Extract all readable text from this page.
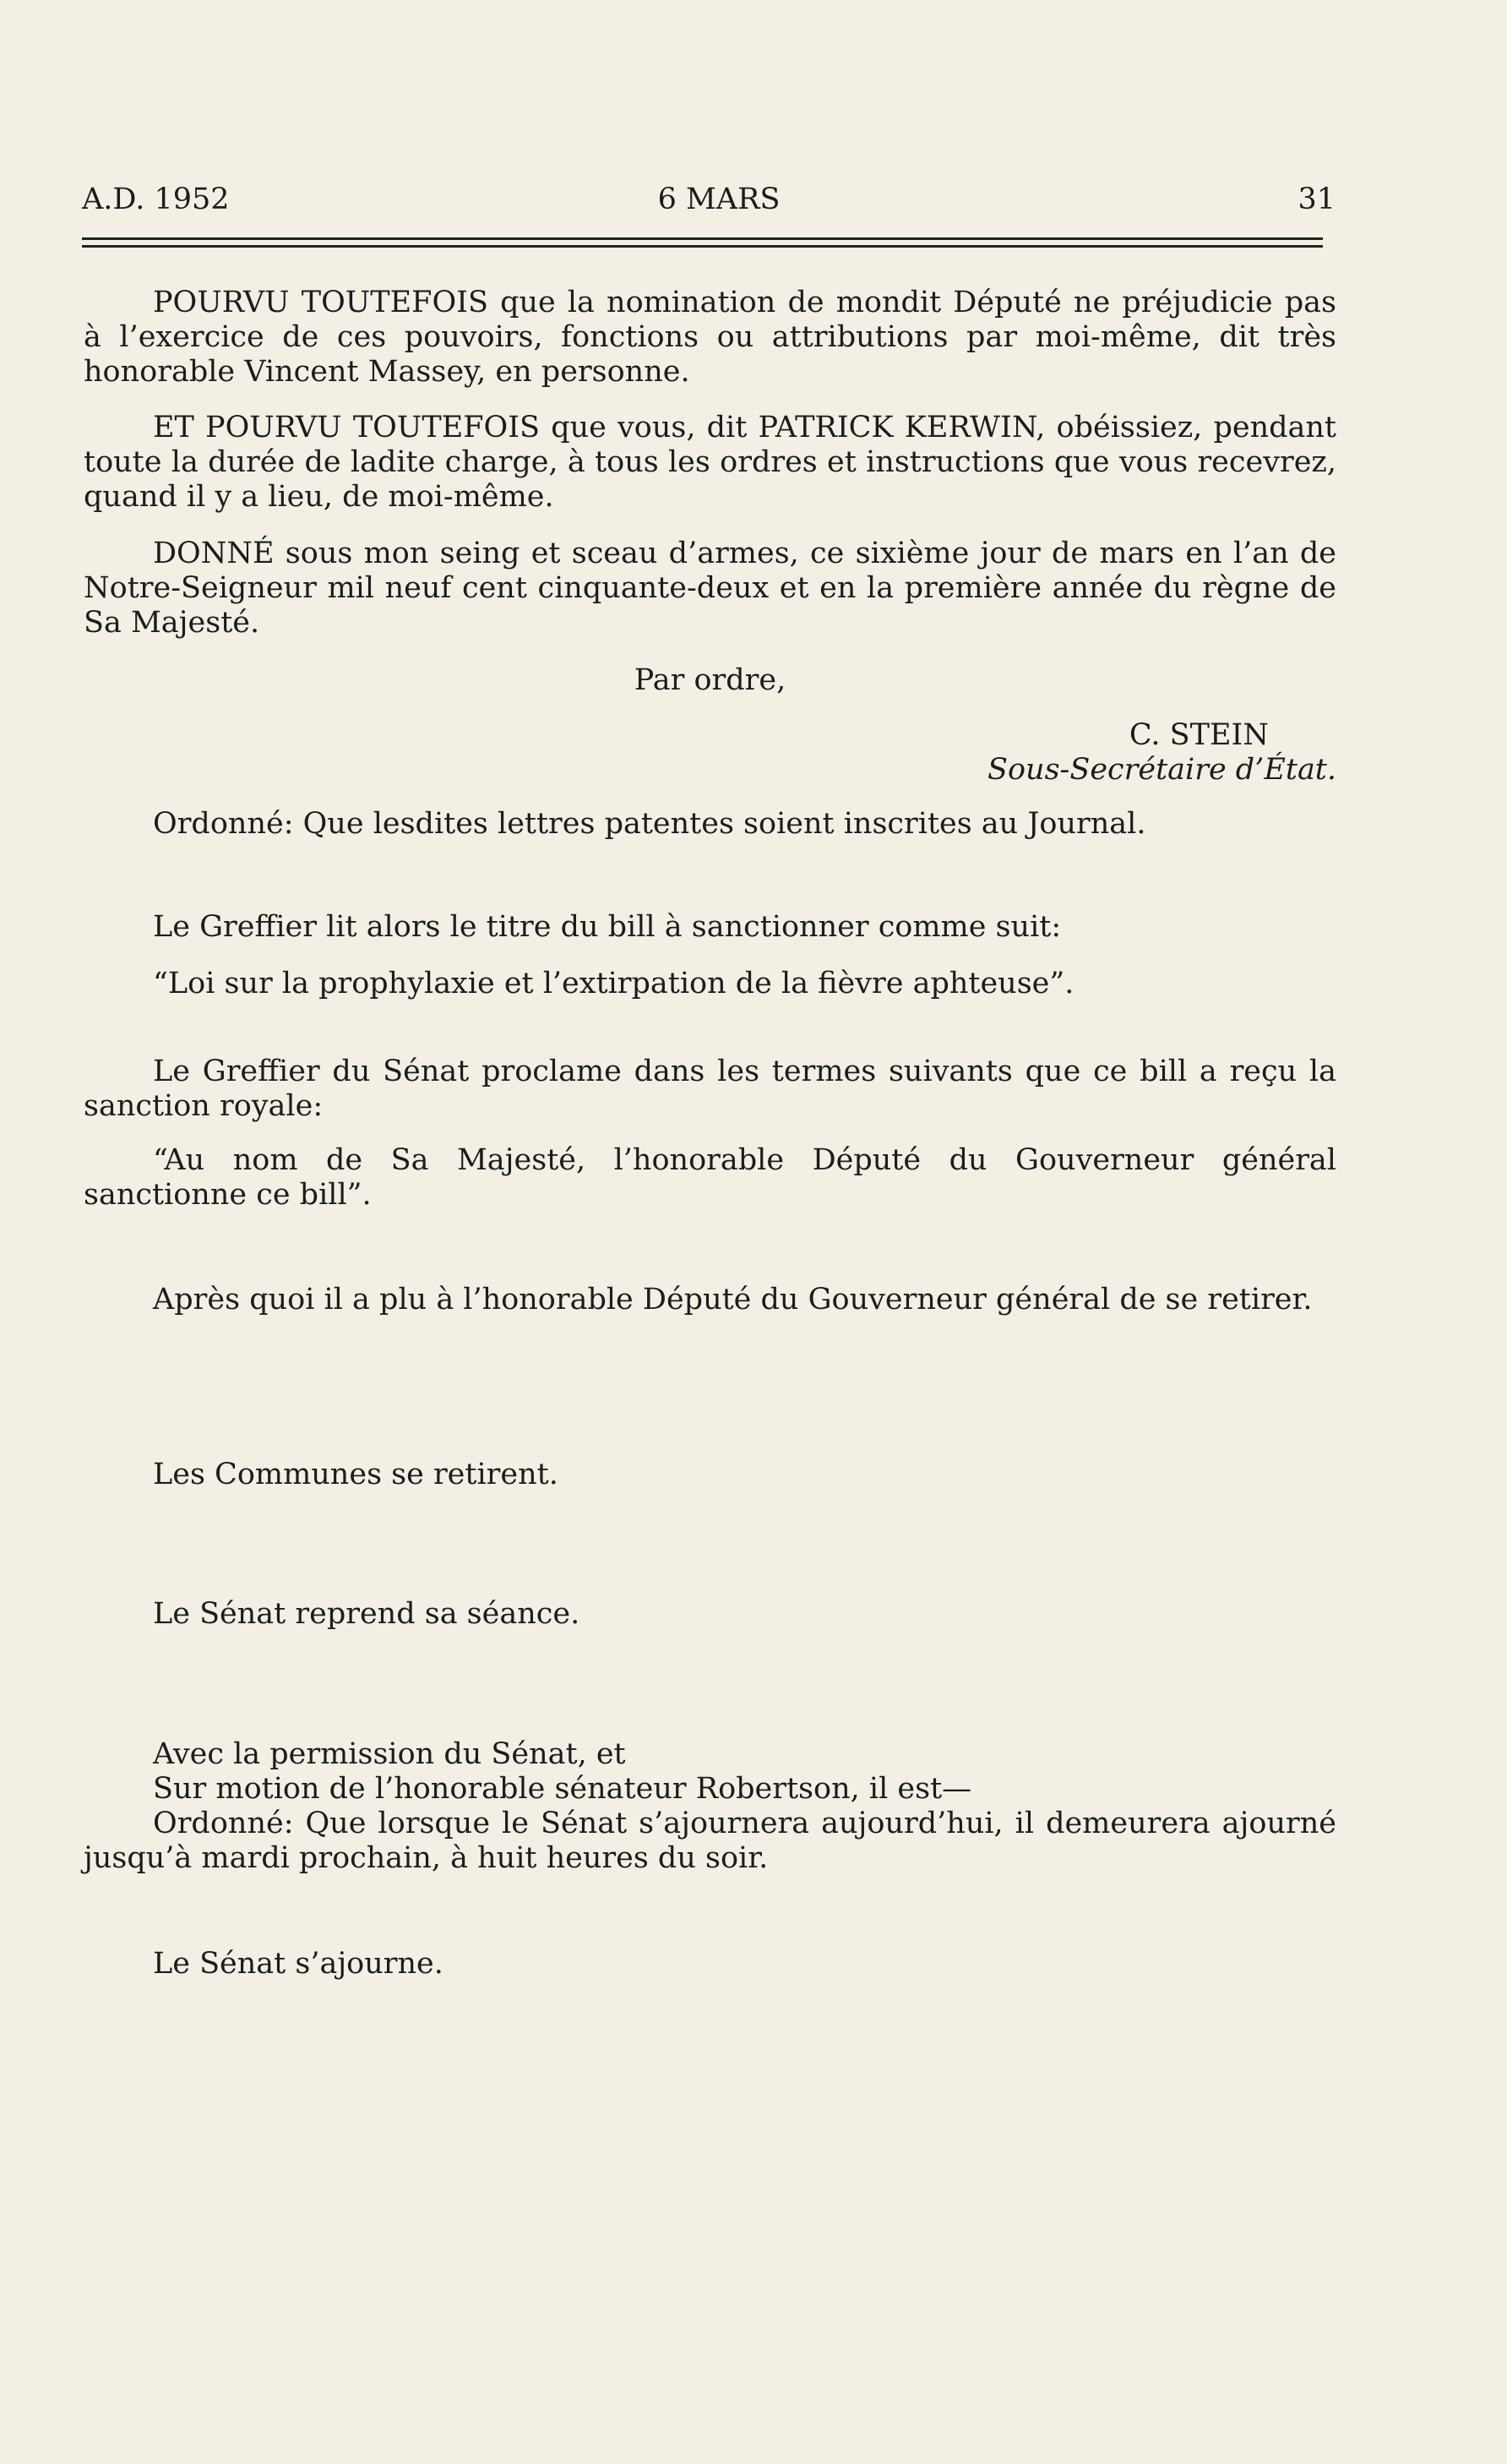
A.D. 1952	6 MARS	31

POURVU TOUTEFOIS que la nomination de mondit Député ne préjudicie pas à l’exercice de ces pouvoirs, fonctions ou attributions par moi-même, dit très honorable Vincent Massey, en personne.

ET POURVU TOUTEFOIS que vous, dit PATRICK KERWIN, obéissiez, pendant toute la durée de ladite charge, à tous les ordres et instructions que vous recevrez, quand il y a lieu, de moi-même.

DONNÉ sous mon seing et sceau d’armes, ce sixième jour de mars en l’an de Notre-Seigneur mil neuf cent cinquante-deux et en la première année du règne de Sa Majesté.

Par ordre,
C. STEIN
Sous-Secrétaire d’État.

Ordonné: Que lesdites lettres patentes soient inscrites au Journal.

Le Greffier lit alors le titre du bill à sanctionner comme suit:

“Loi sur la prophylaxie et l’extirpation de la fièvre aphteuse”.

Le Greffier du Sénat proclame dans les termes suivants que ce bill a reçu la sanction royale:

“Au nom de Sa Majesté, l’honorable Député du Gouverneur général sanctionne ce bill”.

Après quoi il a plu à l’honorable Député du Gouverneur général de se retirer.

Les Communes se retirent.

Le Sénat reprend sa séance.

Avec la permission du Sénat, et

Sur motion de l’honorable sénateur Robertson, il est—

Ordonné: Que lorsque le Sénat s’ajournera aujourd’hui, il demeurera ajourné jusqu’à mardi prochain, à huit heures du soir.

Le Sénat s’ajourne.
